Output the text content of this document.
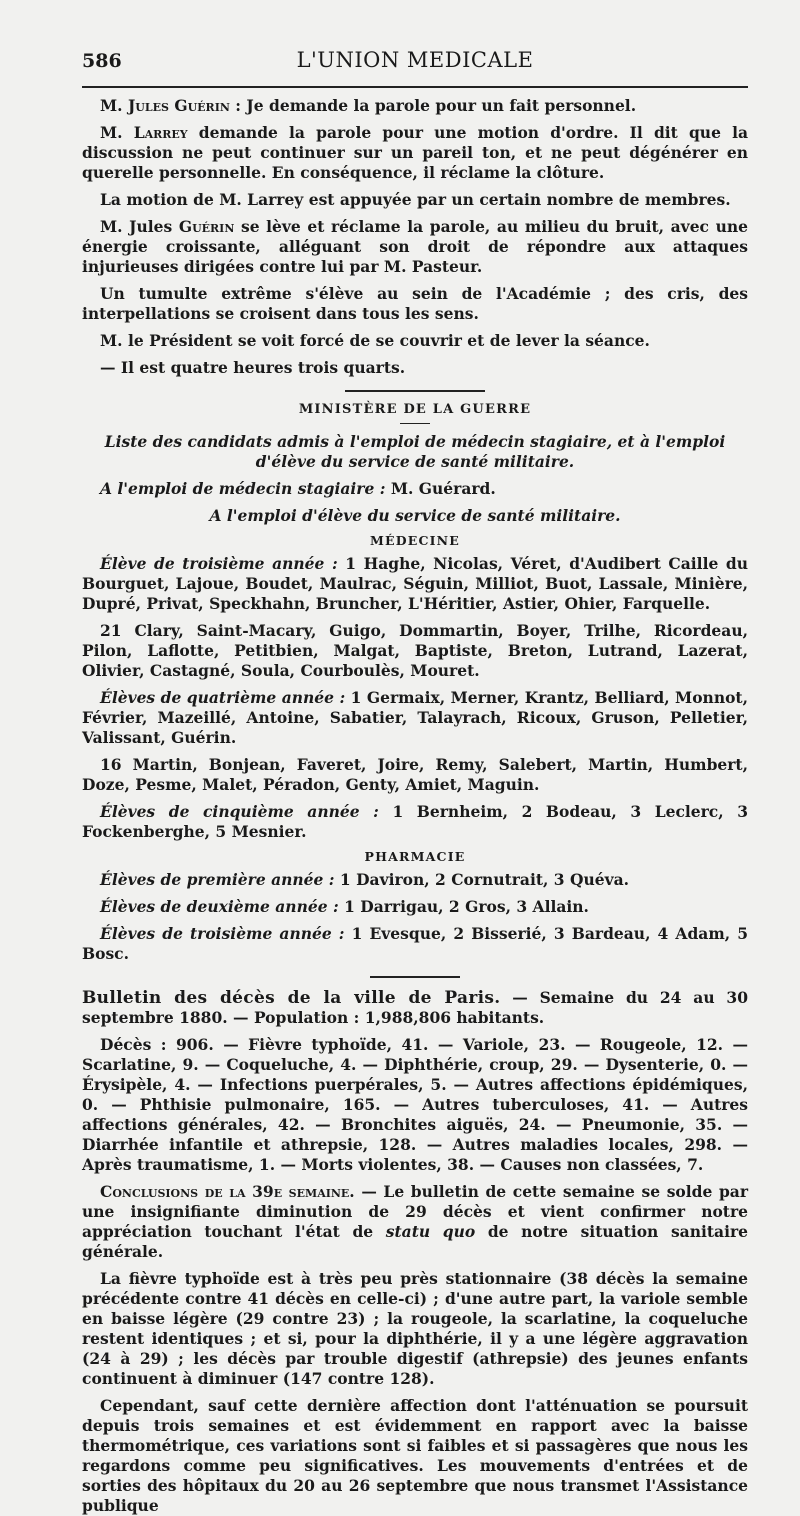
586	L'UNION MEDICALE

M. Jules Guérin : Je demande la parole pour un fait personnel.

M. Larrey demande la parole pour une motion d'ordre. Il dit que la discussion ne peut continuer sur un pareil ton, et ne peut dégénérer en querelle personnelle. En conséquence, il réclame la clôture.

La motion de M. Larrey est appuyée par un certain nombre de membres.

M. Jules Guérin se lève et réclame la parole, au milieu du bruit, avec une énergie croissante, alléguant son droit de répondre aux attaques injurieuses dirigées contre lui par M. Pasteur.

Un tumulte extrême s'élève au sein de l'Académie ; des cris, des interpellations se croisent dans tous les sens.

M. le Président se voit forcé de se couvrir et de lever la séance.

— Il est quatre heures trois quarts.

MINISTÈRE DE LA GUERRE

Liste des candidats admis à l'emploi de médecin stagiaire, et à l'emploi d'élève du service de santé militaire.

A l'emploi de médecin stagiaire : M. Guérard.

A l'emploi d'élève du service de santé militaire.

MÉDECINE

Élève de troisième année : 1 Haghe, Nicolas, Véret, d'Audibert Caille du Bourguet, Lajoue, Boudet, Maulrac, Séguin, Milliot, Buot, Lassale, Minière, Dupré, Privat, Speckhahn, Bruncher, L'Héritier, Astier, Ohier, Farquelle.

21 Clary, Saint-Macary, Guigo, Dommartin, Boyer, Trilhe, Ricordeau, Pilon, Laflotte, Petitbien, Malgat, Baptiste, Breton, Lutrand, Lazerat, Olivier, Castagné, Soula, Courboulès, Mouret.

Élèves de quatrième année : 1 Germaix, Merner, Krantz, Belliard, Monnot, Février, Mazeillé, Antoine, Sabatier, Talayrach, Ricoux, Gruson, Pelletier, Valissant, Guérin.

16 Martin, Bonjean, Faveret, Joire, Remy, Salebert, Martin, Humbert, Doze, Pesme, Malet, Péradon, Genty, Amiet, Maguin.

Élèves de cinquième année : 1 Bernheim, 2 Bodeau, 3 Leclerc, 3 Fockenberghe, 5 Mesnier.

PHARMACIE

Élèves de première année : 1 Daviron, 2 Cornutrait, 3 Quéva.

Élèves de deuxième année : 1 Darrigau, 2 Gros, 3 Allain.

Élèves de troisième année : 1 Evesque, 2 Bisserié, 3 Bardeau, 4 Adam, 5 Bosc.

Bulletin des décès de la ville de Paris. — Semaine du 24 au 30 septembre 1880. — Population : 1,988,806 habitants.

Décès : 906. — Fièvre typhoïde, 41. — Variole, 23. — Rougeole, 12. — Scarlatine, 9. — Coqueluche, 4. — Diphthérie, croup, 29. — Dysenterie, 0. — Érysipèle, 4. — Infections puerpérales, 5. — Autres affections épidémiques, 0. — Phthisie pulmonaire, 165. — Autres tuberculoses, 41. — Autres affections générales, 42. — Bronchites aiguës, 24. — Pneumonie, 35. — Diarrhée infantile et athrepsie, 128. — Autres maladies locales, 298. — Après traumatisme, 1. — Morts violentes, 38. — Causes non classées, 7.

Conclusions de la 39e semaine. — Le bulletin de cette semaine se solde par une insignifiante diminution de 29 décès et vient confirmer notre appréciation touchant l'état de statu quo de notre situation sanitaire générale.

La fièvre typhoïde est à très peu près stationnaire (38 décès la semaine précédente contre 41 décès en celle-ci) ; d'une autre part, la variole semble en baisse légère (29 contre 23) ; la rougeole, la scarlatine, la coqueluche restent identiques ; et si, pour la diphthérie, il y a une légère aggravation (24 à 29) ; les décès par trouble digestif (athrepsie) des jeunes enfants continuent à diminuer (147 contre 128).

Cependant, sauf cette dernière affection dont l'atténuation se poursuit depuis trois semaines et est évidemment en rapport avec la baisse thermométrique, ces variations sont si faibles et si passagères que nous les regardons comme peu significatives. Les mouvements d'entrées et de sorties des hôpitaux du 20 au 26 septembre que nous transmet l'Assistance publique
